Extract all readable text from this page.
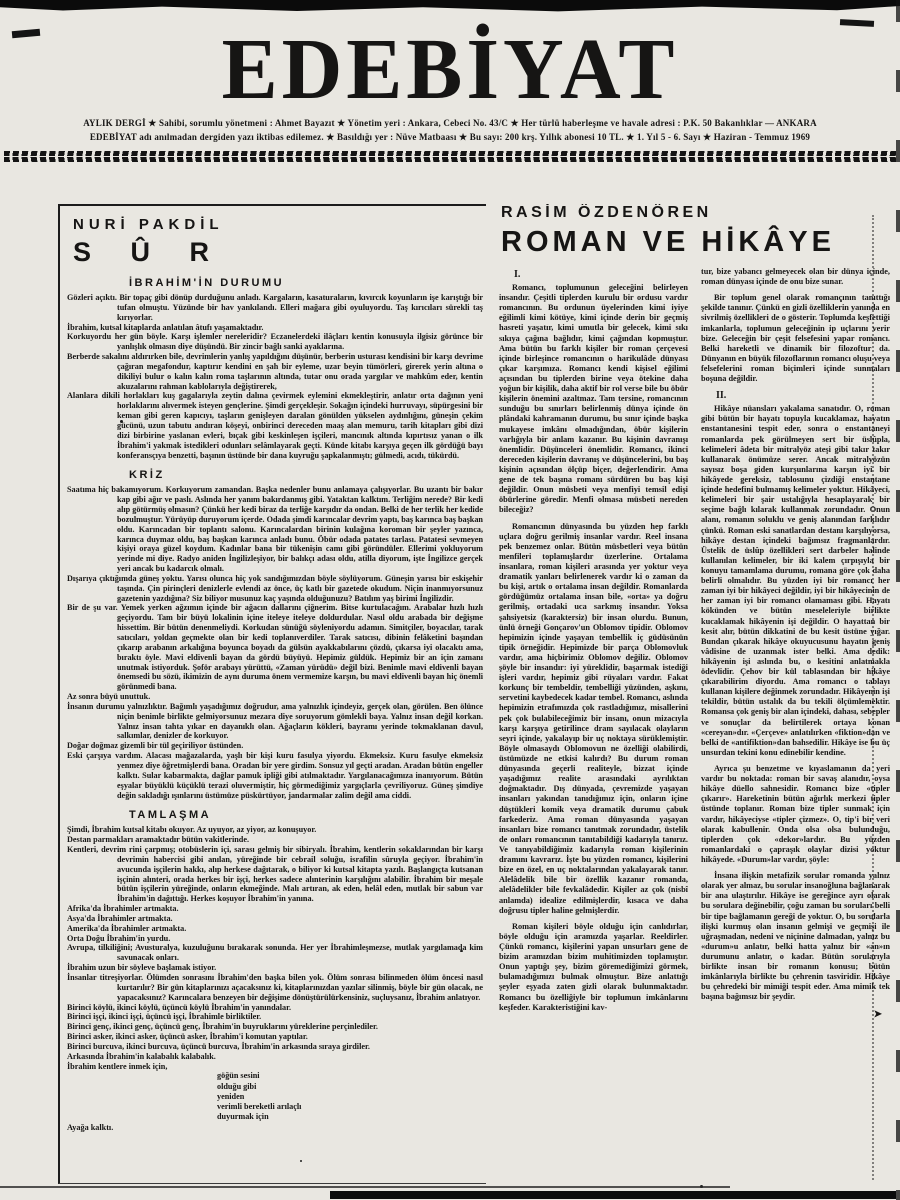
EDEBİYAT
AYLIK DERGİ ★ Sahibi, sorumlu yönetmeni : Ahmet Bayazıt ★ Yönetim yeri : Ankara, Cebeci No. 43/C ★ Her türlü haberleşme ve havale adresi : P.K. 50 Bakanlıklar — ANKARA
EDEBİYAT adı anılmadan dergiden yazı iktibas edilemez. ★ Basıldığı yer : Nüve Matbaası ★ Bu sayı: 200 krş. Yıllık abonesi 10 TL. ★ 1. Yıl 5 - 6. Sayı ★ Haziran - Temmuz 1969
NURİ PAKDİL
S Û R
İBRAHİM'İN DURUMU

Gözleri açıktı. Bir topaç gibi dönüp durduğunu anladı. Kargaların, kasaturaların, kıvırcık koyunların işe karıştığı bir tufan olmuştu. Yüzünde bir hav yankılandı. Elleri mağara gibi oyuluyordu. Taş kırıcıları sürekli taş kırıyorlar.

İbrahim, kutsal kitaplarda anlatılan âtufı yaşamaktadır.

Korkuyordu her gün böyle. Karşı işlemler nereleridir? Eczanelerdeki ilâçları kentin konusuyla ilgisiz görünce bir yanlışlık olmasın diye düşündü. Bir zincir bağlı sanki ayaklarına.

Berberde sakalını aldırırken bile, devrimlerin yanlış yapıldığını düşünür, berberin usturası kendisini bir karşı devrime çağıran megafondur, kaptırır kendini en şah bir eyleme, uzar beyin tümörleri, girerek yerin altına o dikiliyi bulur o kalın kalın roma taşlarının altında, tutar onu orada yargılar ve mahkûm eder, kentin akuzalarını rahman kablolarıyla değiştirerek,

Alanlara dikili horlakları kuş gagalarıyla zeytin dalına çevirmek eylemini ekmekleştirir, anlatır orta dağının yeni horlaklarını alıvermek isteyen gençlerine. Şimdi gerçekleşir. Sokağın içindeki hurruvayı, süpürgesini bir keman gibi geren kapıcıyı, taşların genişleyen daralan gönülden yükselen aydınlığını, güneşin çekim gücünü, uzun tabutu andıran köşeyi, onbirinci dereceden maaş alan memuru, tarih kitapları gibi dizi dizi birbirine yaslanan evleri, bıçak gibi keskinleşen işçileri, mancınık altında kıpırtısız yanan o ilk İbrahim'i yakmak istedikleri odunları selâmlayarak geçti. Künde kitabı karşıya geçen ilk gördüğü bayı konferansçıya benzetti, başının üstünde bir dana kuyruğu şapkalanmıştı; gülmedi, acıdı, tükürdü.

KRİZ

Saatıma hiç bakamıyorum. Korkuyorum zamandan. Başka nedenler bunu anlamaya çalışıyorlar. Bu uzantı bir bakır kap gibi ağır ve paslı. Aslında her yanım bakırdanmış gibi. Yataktan kalktım. Terliğim nerede? Bir kedi alıp götürmüş olmasın? Çünkü her kedi biraz da terliğe karşıdır da ondan. Belki de her terlik her kedide bozulmuştur. Yürüyüp duruyorum içerde. Odada şimdi karıncalar devrim yaptı, baş karınca baş başkan oldu. Karıncadan bir toplantı salonu. Karıncalardan birinin kulağına koroman bir şeyler yazınca, karınca duymaz oldu, baş başkan karınca anladı bunu. Öbür odada patates tarlası. Patatesi sevmeyen kişiyi oraya güzel koydum. Kadınlar bana bir tükenişin camı gibi göründüler. Ellerimi yokluyorum yerinde mi diye. Radyo aniden İngilizleşiyor, bir balıkçı adası oldu, atilla diyorum, işte İngilizce gerçek yeri ancak bu kadarcık olmalı.

Dışarıya çıktığımda güneş yoktu. Yarısı olunca hiç yok sandığımızdan böyle söylüyorum. Güneşin yarısı bir eskişehir taşında. Çin pirinçleri denizlerle evlendi az önce, üç katlı bir gazetede okudum. Niçin inanmıyorsunuz gazetenin yazdığına? Siz biliyor musunuz kaç yaşında olduğunuzu? Batılım yaş birimi İngilizdir.

Bir de şu var. Yemek yerken ağzımın içinde bir ağacın dallarını çiğnerim. Bitse kurtulacağım. Arabalar hızlı hızlı geçiyordu. Tam bir büyü lokalinin içine iteleye iteleye doldurdular. Nasıl oldu arabada bir değişme hissettim. Bir bütün denenmeliydi. Korkudan sünüğü söyleniyordu adamın. Simitçiler, boyacılar, tarak satıcıları, yoldan geçmekte olan bir kedi toplanıverdiler. Tarak satıcısı, dibinin felâketini başından çıkarıp arabanın arkalığına boyunca boyadı da gülsün ayakkabılarını çözdü, çıkarsa iyi olacaktı ama, bıraktı öyle. Mavi eldivenli bayan da gördü büyüyü. Hepimiz güldük. Hepimiz bir an için zamanı unutmak istiyorduk. Şoför arabayı yürüttü, «Zaman yürüdü» değil bizi. Benimle mavi eldivenli bayan önemsedi bu sözü, ikimizin de aynı duruma önem vermemize karşın, bu mavi eldivenli bayan hiç önemli görünmedi bana.

Az sonra büyü unuttuk.

İnsanın durumu yalnızlıktır. Bağımlı yaşadığımız doğrudur, ama yalnızlık içindeyiz, gerçek olan, görülen. Ben ölünce niçin benimle birlikte gelmiyorsunuz mezara diye soruyorum gömlekli baya. Yalnız insan değil korkan. Yalnız insan tahta yıkar en dayanıklı olan. Ağaçların kökleri, bayramı yerinde tokmaklanan davul, salkımlar, denizler de korkuyor.

Doğar doğmaz gizemli bir tül geçiriliyor üstünden.

Eski çarşıya vardım. Alacası mağazalarda, yaşlı bir kişi kuru fasulya yiyordu. Ekmeksiz. Kuru fasulye ekmeksiz yenmez diye öğretmişlerdi bana. Oradan bir yere girdim. Sonsuz yıl geçti aradan. Aradan bütün engeller kalktı. Sular kabarmakta, dağlar pamuk ipliği gibi atılmaktadır. Yargılanacağımıza inanıyorum. Bütün eşyalar büyüklü küçüklü terazi oluvermiştir, hiç görmediğimiz yargıçlarla çevriliyoruz. Güneş şimdiye değin sakladığı ışınlarını üstümüze püskürtüyor, jandarmalar zalim değil ama ciddi.

TAMLAŞMA

Şimdi, İbrahim kutsal kitabı okuyor. Az uyuyor, az yiyor, az konuşuyor.

Destan parmakları aramaktadır bütün vakitlerinde.

Kentleri, devrim rini çarpmış; otobüslerin içi, sarası gelmiş bir sibiryalı. İbrahim, kentlerin sokaklarından bir karşı devrimin habercisi gibi anılan, yüreğinde bir cebrail soluğu, israfilin sûruyla geçiyor. İbrahim'in avucunda işçilerin hakkı, alıp herkese dağıtarak, o biliyor ki kutsal kitapta yazılı. Başlangıçta kutsanan işçinin alınteri, orada herkes bir işçi, herkes sadece alınterinin karşılığını alabilir. İbrahim bir meşale bütün işçilerin yüreğinde, onların ekmeğinde. Malı artıran, ak eden, helâl eden, mutlak bir sabun var İbrahim'in dağıttığı. Herkes koşuyor İbrahim'in yanına.

Afrika'da İbrahimler artmakta.

Asya'da İbrahimler artmakta.

Amerika'da İbrahimler artmakta.

Orta Doğu İbrahim'in yurdu.

Avrupa, tilkiliğini; Avusturalya, kuzuluğunu bırakarak sonunda. Her yer İbrahimleşmezse, mutlak yargılamada kim savunacak onları.

İbrahim uzun bir söyleve başlamak istiyor.

İnsanlar titreşiyorlar. Ölümden sonrasını İbrahim'den başka bilen yok. Ölüm sonrası bilinmeden ölüm öncesi nasıl kurtarılır? Bir gün kitaplarınızı açacaksınız ki, kitaplarınızdan yazılar silinmiş, böyle bir gün olacak, ne yapacaksınız? Karıncalara benzeyen bir değişime dönüştürülürkensiniz, suçluysanız, İbrahim anlatıyor.

Birinci köylü, ikinci köylü, üçüncü köylü İbrahim'in yanındalar.

Birinci işçi, ikinci işçi, üçüncü işçi, İbrahimle birliktiler.

Birinci genç, ikinci genç, üçüncü genç, İbrahim'in buyruklarını yüreklerine perçinlediler.

Birinci asker, ikinci asker, üçüncü asker, İbrahim'i komutan yaptılar.

Birinci burcuva, ikinci burcuva, üçüncü burcuva, İbrahim'in arkasında sıraya girdiler.

Arkasında İbrahim'in kalabalık kalabalık.

İbrahim kentlere inmek için,

göğün sesini

olduğu gibi

yeniden

verimli bereketli arılaçlı

duyurmak için

Ayağa kalktı.

RASİM ÖZDENÖREN
ROMAN VE HİKÂYE
I.

Romancı, toplumunun geleceğini belirleyen insandır. Çeşitli tiplerden kurulu bir ordusu vardır romancının. Bu ordunun üyelerinden kimi iyiye eğilimli kimi kötüye, kimi içinde derin bir geçmiş hasreti yaşatır, kimi umutla bir gelecek, kimi sıkı sıkıya çağına bağlıdır, kimi çağından kopmuştur. Ama bütün bu farklı kişiler bir roman çerçevesi içinde birleşince romancının o harikulâde dünyası çıkar karşımıza. Romancı kendi kişisel eğilimi açısından bu tiplerden birine veya ötekine daha yoğun bir kişilik, daha aktif bir rol verse bile bu öbür kişilerin önemini azaltmaz. Tam tersine, romancının sunduğu bu sınırları belirlenmiş dünya içinde ön plândaki kahramanın durumu, bu sınır içinde başka mukayese imkânı olmadığından, öbür kişilerin varlığıyla bir anlam kazanır. Bu kişinin davranışı önemlidir. Düşünceleri önemlidir. Romancı, ikinci dereceden kişilerin davranış ve düşüncelerini, bu baş kişinin açısından ölçüp biçer, değerlendirir. Ama gene de tek başına romanı sürdüren bu baş kişi değildir. Onun müsbeti veya menfiyi temsil edişi öbürlerine göredir. Menfi olmasa müsbeti nereden bileceğiz?

Romancının dünyasında bu yüzden hep farklı uçlara doğru gerilmiş insanlar vardır. Reel insana pek benzemez onlar. Bütün müsbetleri veya bütün menfileri toplamışlardır üzerlerine. Ortalama insanlara, roman kişileri arasında yer yoktur veya dramatik yanları belirlenerek vardır ki o zaman da bu kişi, artık o ortalama insan değildir. Romanlarda gördüğümüz ortalama insan bile, «orta» ya doğru gerilmiş, ortadaki uca sarkmış insandır. Yoksa şahsiyetsiz (karaktersiz) bir insan olurdu. Bunun, ünlü örneği Gonçarov'un Oblomov tipidir. Oblomov hepimizin içinde yaşayan tembellik iç güdüsünün tipik örneğidir. Hepimizde bir parça Oblomovluk vardır, ama hiçbirimiz Oblomov değiliz. Oblomov şöyle bir insandır: iyi yüreklidir, başarmak istediği işleri vardır, hepimiz gibi rüyaları vardır. Fakat korkunç bir tembeldir, tembelliği yüzünden, aşkını, servetini kaybedecek kadar tembel. Romancı, aslında hepimizin etrafımızda çok rastladığımız, misallerini pek çok bulabileceğimiz bir insanı, onun mizacıyla karşı karşıya getirilince dram sayılacak olayların seyri içinde, yakalayıp bir uç noktaya sürüklemiştir. Böyle olmasaydı Oblomovun ne özelliği olabilirdi, üstümüzde ne etkisi kalırdı? Bu durum roman dünyasında geçerli realiteyle, bizzat içinde yaşadığımız realite arasındaki ayrılıktan doğmaktadır. Dış dünyada, çevremizde yaşayan insanları yakından tanıdığımız için, onların içine düştükleri komik veya dramatik durumu çabuk farkederiz. Ama roman dünyasında yaşayan insanları bize romancı tanıtmak zorundadır, üstelik de onları romancının tanıtabildiği kadarıyla tanırız. Ve tanıyabildiğimiz kadarıyla roman kişilerinin dramını kavrarız. İşte bu yüzden romancı, kişilerini bize en özel, en uç noktalarından yakalayarak tanır. Alelâdelik bile bir özellik kazanır romanda, alelâdelikler bile fevkalâdedir. Kişiler az çok (nisbî anlamda) idealize edilmişlerdir, kısaca ve daha doğrusu tipler haline gelmişlerdir.

Roman kişileri böyle olduğu için canlıdırlar, böyle olduğu için aramızda yaşarlar. Reeldirler. Çünkü romancı, kişilerini yapan unsurları gene de bizim aramızdan bizim muhitimizden toplamıştır. Onun yaptığı şey, bizim göremediğimizi görmek, bulamadığımızı bulmak olmuştur. Bize anlattığı şeyler eşyada zaten gizli olarak bulunmaktadır. Romancı bu özelliğiyle bir toplumun imkânlarını keşfeder. Karakteristiğini kav-

tur, bize yabancı gelmeyecek olan bir dünya içinde, roman dünyası içinde de onu bize sunar.

Bir toplum genel olarak romancının tanıttığı şekilde tanınır. Çünkü en gizli özelliklerin yanında en sivrilmiş özellikleri de o gösterir. Toplumda keşfettiği imkanlarla, toplumun geleceğinin ip uçlarını verir bize. Geleceğin bir çeşit felsefesini yapar romancı. Belki hareketli ve dinamik bir filozoftur da. Dünyanın en büyük filozoflarının romancı oluşu veya felsefelerini roman biçimleri içinde sunmaları boşuna değildir.

II.

Hikâye nüansları yakalama sanatıdır. O, roman gibi bütün bir hayatı topuyla kucaklamaz, hayatın enstantanesini tespit eder, sonra o enstantaneyi romanlarda pek görülmeyen sert bir üslûpla, kelimeleri âdeta bir mitralyöz ateşi gibi takır takır kullanarak önümüze serer. Ancak mitralyözün sayısız boşa giden kurşunlarına karşın iyi bir hikâyede gereksiz, tablosunu çizdiği enstantane içinde hedefini bulmamış kelimeler yoktur. Hikâyeci, kelimeleri bir şair ustalığıyla hesaplayarak bir seçime bağlı kılarak kullanmak zorundadır. Onun alanı, romanın soluklu ve geniş alanından farklıdır çünkü. Roman eski sanatlardan destanı karşılıyorsa, hikâye destan içindeki bağımsız fragmanlardır. Üstelik de üslûp özellikleri sert darbeler halinde kullanılan kelimeler, bir iki kalem çırpışıyla bir konuyu tamamlama durumu, romana göre çok daha belirli olmalıdır. Bu yüzden iyi bir romancı her zaman iyi bir hikâyeci değildir, iyi bir hikâyecinin de her zaman iyi bir romancı olamaması gibi. Hayatı kökünden ve bütün meseleleriyle birlikte kucaklamak hikâyenin işi değildir. O hayattan bir kesit alır, bütün dikkatini de bu kesit üstüne yığar. Bundan çıkarak hikâye okuyucusunu hayatın geniş vâdisine de uzanmak ister belki. Ama dedik: hikâyenin işi aslında bu, o kesitini anlatmakla ödevlidir. Çehov bir kül tablasından bir hikâye çıkarabilirim diyordu. Ama romancı o tablayı kullanan kişilere değinmek zorundadır. Hikâyenin işi tekildir, bütün ustalık da bu tekili ölçümlemektir. Romansa çok geniş bir alan içindeki, dahası, sebepler ve sonuçlar da belirtilerek ortaya konan «cereyan»dır. «Çerçeve» anlatılırken «fiktion»dan ve belki de «antifiktion»dan bahsedilir. Hikâye ise bu üç unsurdan tekini konu edinebilir kendine.

Ayrıca şu benzetme ve kıyaslamanın da yeri vardır bu noktada: roman bir savaş alanıdır, oysa hikâye düello sahnesidir. Romancı bize «tipler çıkarır». Hareketinin bütün ağırlık merkezi tipler üstünde toplanır. Roman bize tipler sunmak için vardır, hikâyeciyse «tipler çizmez». O, tip'i bir veri olarak kabullenir. Onda olsa olsa bulunduğu, tiplerden çok «dekor»lardır. Bu yüzden romanlardaki o çapraşık olaylar dizisi yoktur hikâyede. «Durum»lar vardır, şöyle:

İnsana ilişkin metafizik sorular romanda yalnız olarak yer almaz, bu sorular insanoğluna bağlanarak bir ana ulaştırılır. Hikâye ise gereğince ayrı olarak bu sorulara değinebilir, çoğu zaman bu soruları belli bir tipe bağlamanın gereği de yoktur. O, bu sorularla ilişki kurmuş olan insanın gelmişi ve geçmişi ile uğraşmadan, nedeni ve niçinine dalmadan, yalnız bu «durum»u anlatır, belki hatta yalnız bir «an»ın durumunu anlatır, o kadar. Bütün sorularıyla birlikte insan bir romanın konusu; bütün imkânlarıyla birlikte bu çehrenin tasviridir. Hikâye bu çehredeki bir mimiği tespit eder. Ama mimik tek başına bağımsız bir şeydir.

➤
